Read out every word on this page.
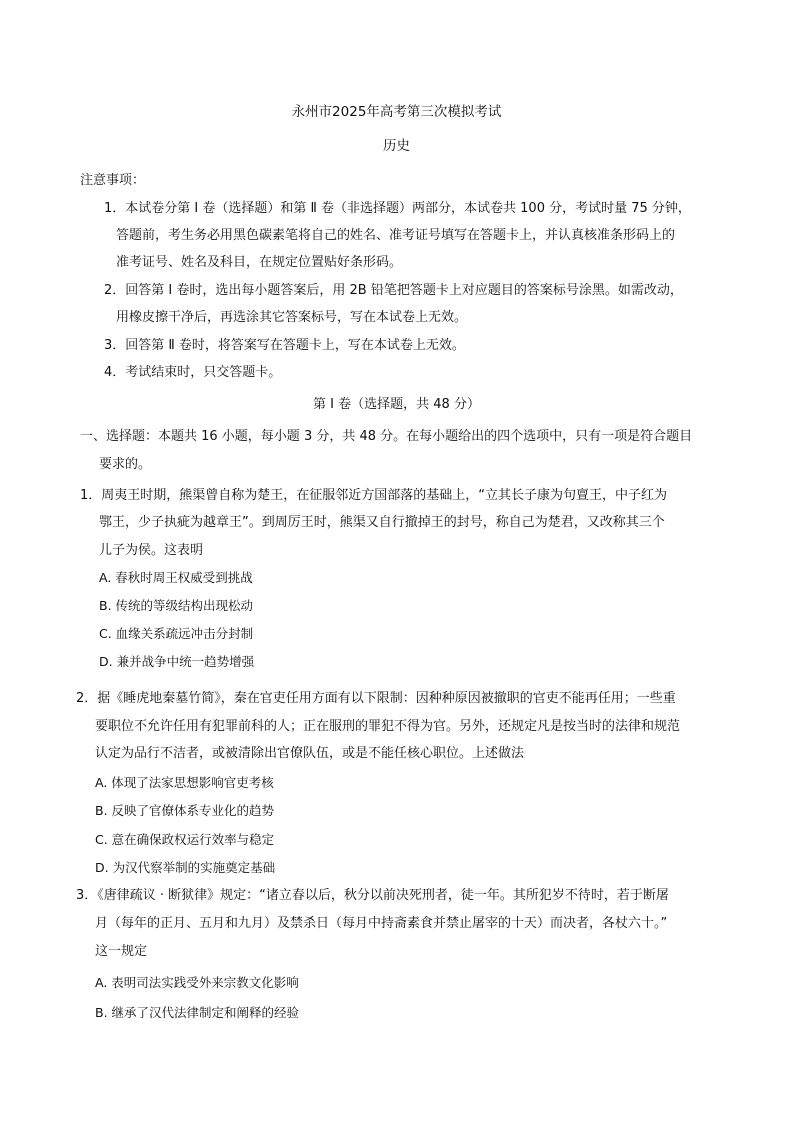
永州市2025年高考第三次模拟考试
历史
注意事项：
1．本试卷分第 Ⅰ 卷（选择题）和第 Ⅱ 卷（非选择题）两部分，本试卷共 100 分，考试时量 75 分钟，
答题前，考生务必用黑色碳素笔将自己的姓名、准考证号填写在答题卡上，并认真核准条形码上的
准考证号、姓名及科目，在规定位置贴好条形码。
2．回答第 Ⅰ 卷时，选出每小题答案后，用 2B 铅笔把答题卡上对应题目的答案标号涂黑。如需改动，
用橡皮擦干净后，再选涂其它答案标号，写在本试卷上无效。
3．回答第 Ⅱ 卷时，将答案写在答题卡上，写在本试卷上无效。
4．考试结束时，只交答题卡。
第 Ⅰ 卷（选择题，共 48 分）
一、选择题：本题共 16 小题，每小题 3 分，共 48 分。在每小题给出的四个选项中，只有一项是符合题目
要求的。
1．周夷王时期，熊渠曾自称为楚王，在征服邻近方国部落的基础上，“立其长子康为句亶王，中子红为
鄂王，少子执疵为越章王”。到周厉王时，熊渠又自行撤掉王的封号，称自己为楚君，又改称其三个
儿子为侯。这表明
A. 春秋时周王权威受到挑战
B. 传统的等级结构出现松动
C. 血缘关系疏远冲击分封制
D. 兼并战争中统一趋势增强
2．据《睡虎地秦墓竹简》，秦在官吏任用方面有以下限制：因种种原因被撤职的官吏不能再任用；一些重
要职位不允许任用有犯罪前科的人；正在服刑的罪犯不得为官。另外，还规定凡是按当时的法律和规范
认定为品行不洁者，或被清除出官僚队伍，或是不能任核心职位。上述做法
A. 体现了法家思想影响官吏考核
B. 反映了官僚体系专业化的趋势
C. 意在确保政权运行效率与稳定
D. 为汉代察举制的实施奠定基础
3．《唐律疏议 · 断狱律》规定：“诸立春以后，秋分以前决死刑者，徒一年。其所犯岁不待时，若于断屠
月（每年的正月、五月和九月）及禁杀日（每月中持斋素食并禁止屠宰的十天）而决者，各杖六十。”
这一规定
A. 表明司法实践受外来宗教文化影响
B. 继承了汉代法律制定和阐释的经验
